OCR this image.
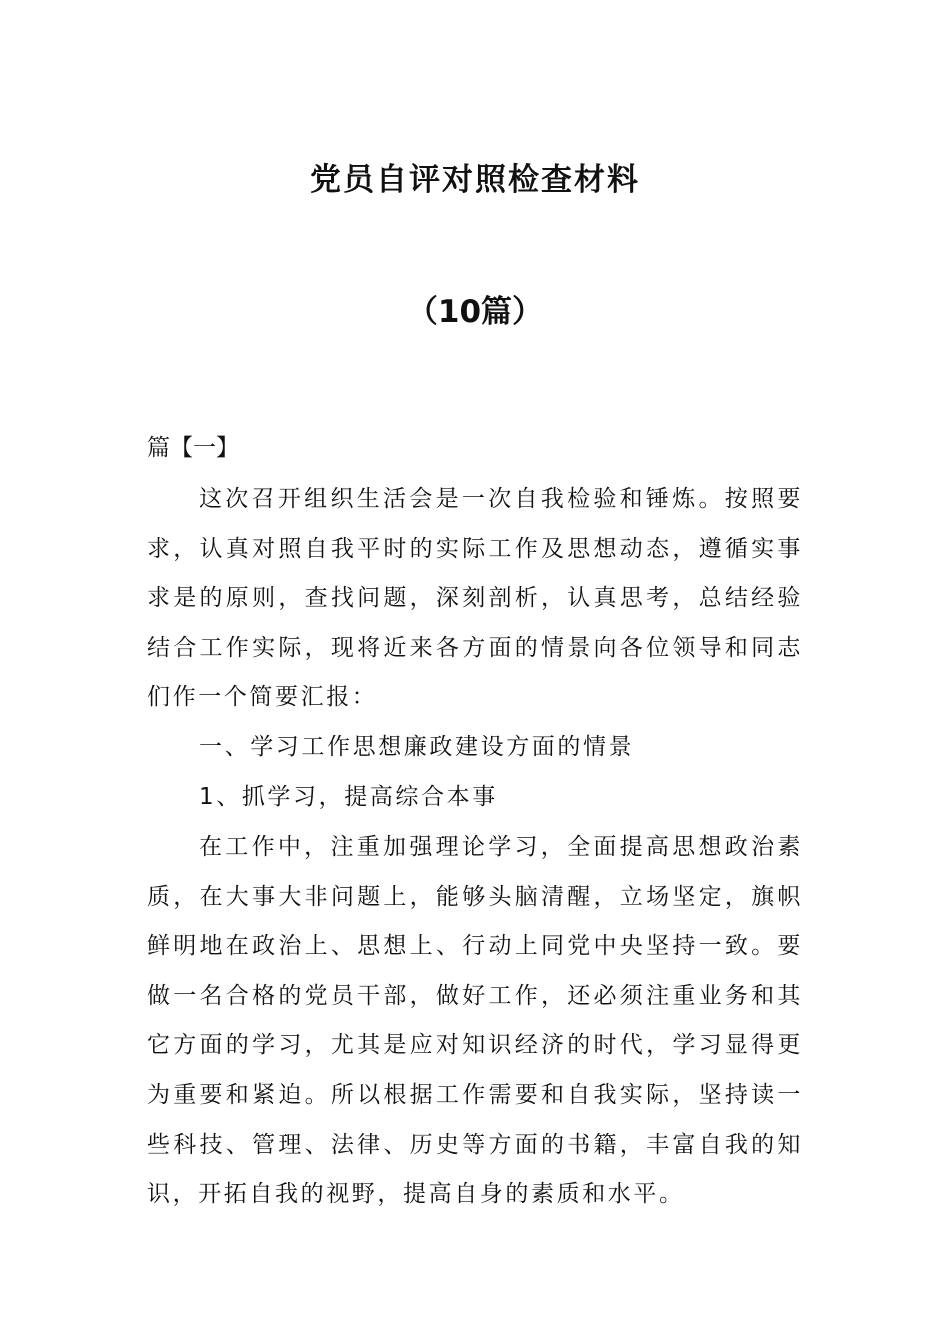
党员自评对照检查材料
（10篇）
篇【一】

这次召开组织生活会是一次自我检验和锤炼。按照要求，认真对照自我平时的实际工作及思想动态，遵循实事求是的原则，查找问题，深刻剖析，认真思考，总结经验结合工作实际，现将近来各方面的情景向各位领导和同志们作一个简要汇报：

一、学习工作思想廉政建设方面的情景

1、抓学习，提高综合本事

在工作中，注重加强理论学习，全面提高思想政治素质，在大事大非问题上，能够头脑清醒，立场坚定，旗帜鲜明地在政治上、思想上、行动上同党中央坚持一致。要做一名合格的党员干部，做好工作，还必须注重业务和其它方面的学习，尤其是应对知识经济的时代，学习显得更为重要和紧迫。所以根据工作需要和自我实际，坚持读一些科技、管理、法律、历史等方面的书籍，丰富自我的知识，开拓自我的视野，提高自身的素质和水平。
